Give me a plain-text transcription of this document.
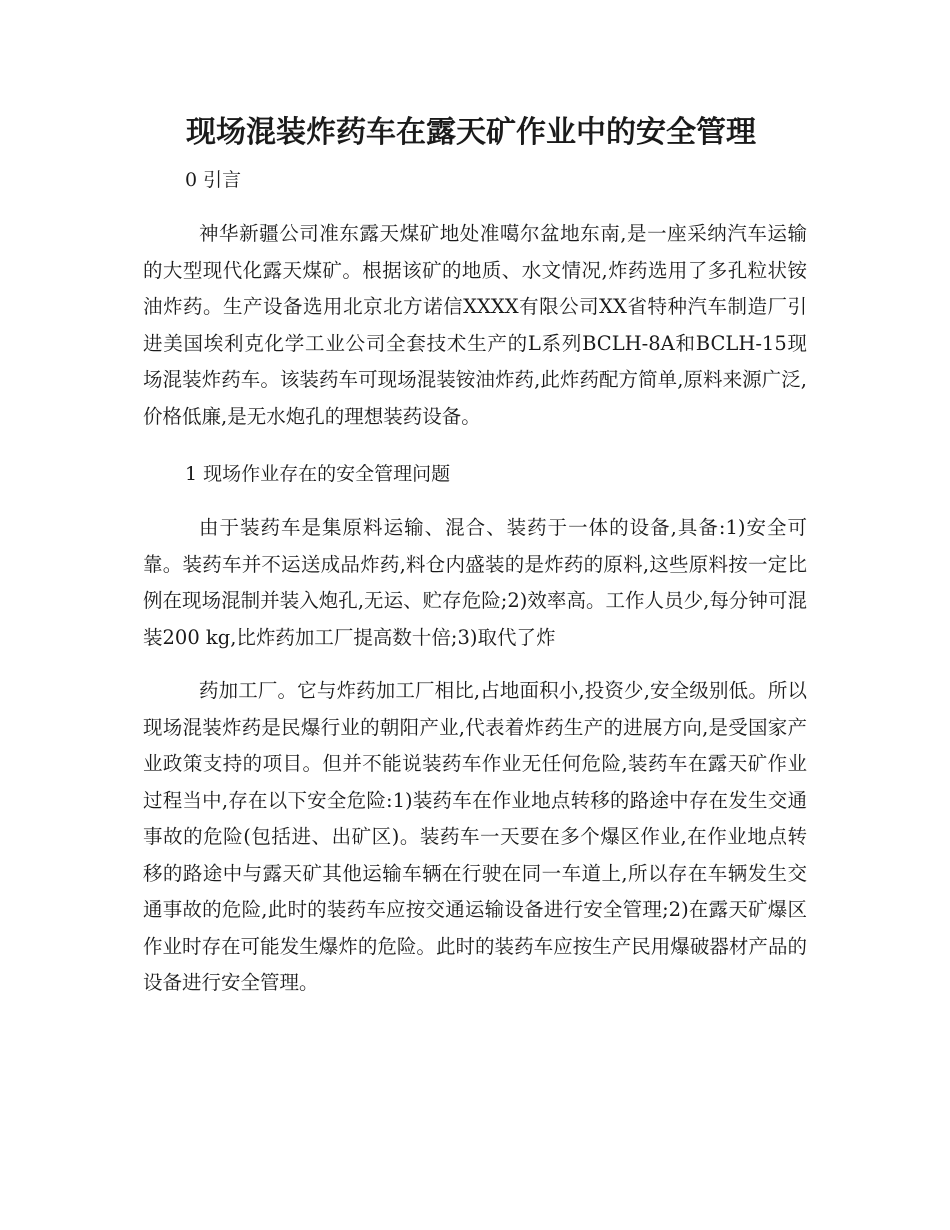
现场混装炸药车在露天矿作业中的安全管理
0 引言

神华新疆公司准东露天煤矿地处准噶尔盆地东南,是一座采纳汽车运输的大型现代化露天煤矿。根据该矿的地质、水文情况,炸药选用了多孔粒状铵油炸药。生产设备选用北京北方诺信XXXX有限公司XX省特种汽车制造厂引进美国埃利克化学工业公司全套技术生产的L系列BCLH-8A和BCLH-15现场混装炸药车。该装药车可现场混装铵油炸药,此炸药配方简单,原料来源广泛,价格低廉,是无水炮孔的理想装药设备。

1 现场作业存在的安全管理问题

由于装药车是集原料运输、混合、装药于一体的设备,具备:1)安全可靠。装药车并不运送成品炸药,料仓内盛装的是炸药的原料,这些原料按一定比例在现场混制并装入炮孔,无运、贮存危险;2)效率高。工作人员少,每分钟可混装200 kg,比炸药加工厂提高数十倍;3)取代了炸

药加工厂。它与炸药加工厂相比,占地面积小,投资少,安全级别低。所以现场混装炸药是民爆行业的朝阳产业,代表着炸药生产的进展方向,是受国家产业政策支持的项目。但并不能说装药车作业无任何危险,装药车在露天矿作业过程当中,存在以下安全危险:1)装药车在作业地点转移的路途中存在发生交通事故的危险(包括进、出矿区)。装药车一天要在多个爆区作业,在作业地点转移的路途中与露天矿其他运输车辆在行驶在同一车道上,所以存在车辆发生交通事故的危险,此时的装药车应按交通运输设备进行安全管理;2)在露天矿爆区作业时存在可能发生爆炸的危险。此时的装药车应按生产民用爆破器材产品的设备进行安全管理。
